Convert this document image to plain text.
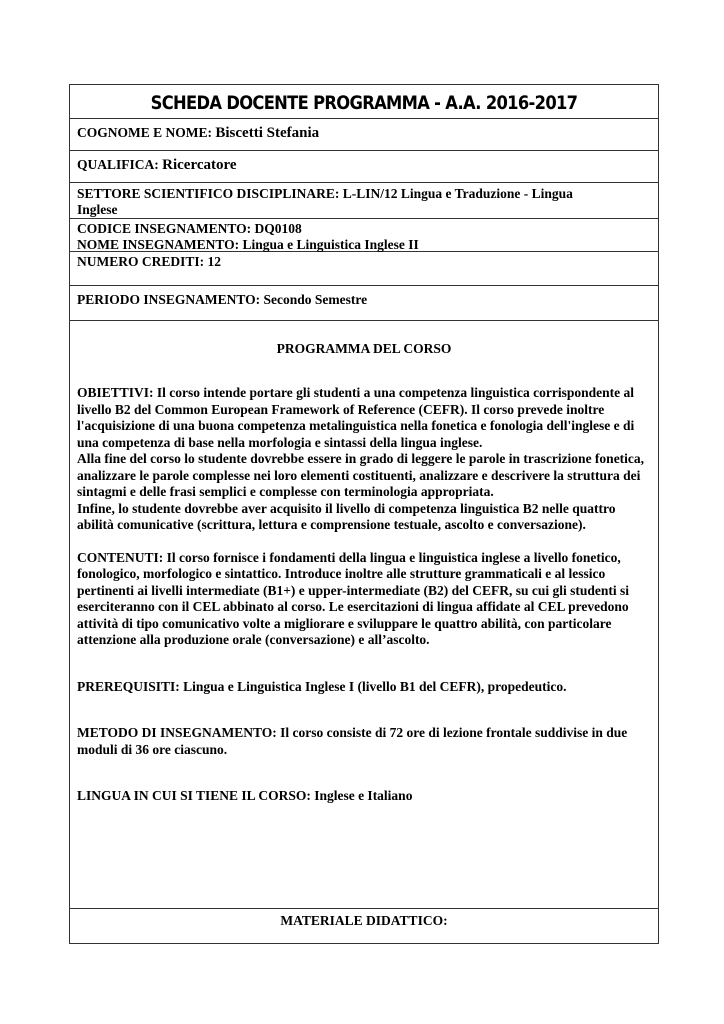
SCHEDA DOCENTE PROGRAMMA - A.A. 2016-2017
COGNOME E NOME: Biscetti Stefania
QUALIFICA: Ricercatore
SETTORE SCIENTIFICO DISCIPLINARE: L-LIN/12 Lingua e Traduzione - Lingua
Inglese
CODICE INSEGNAMENTO: DQ0108
NOME INSEGNAMENTO: Lingua e Linguistica Inglese II
NUMERO CREDITI: 12
PERIODO INSEGNAMENTO: Secondo Semestre
PROGRAMMA DEL CORSO

OBIETTIVI: Il corso intende portare gli studenti a una competenza linguistica corrispondente al livello B2 del Common European Framework of Reference (CEFR). Il corso prevede inoltre l'acquisizione di una buona competenza metalinguistica nella fonetica e fonologia dell'inglese e di una competenza di base nella morfologia e sintassi della lingua inglese.

Alla fine del corso lo studente dovrebbe essere in grado di leggere le parole in trascrizione fonetica, analizzare le parole complesse nei loro elementi costituenti, analizzare e descrivere la struttura dei sintagmi e delle frasi semplici e complesse con terminologia appropriata.

Infine, lo studente dovrebbe aver acquisito il livello di competenza linguistica B2 nelle quattro abilità comunicative (scrittura, lettura e comprensione testuale, ascolto e conversazione).

CONTENUTI: Il corso fornisce i fondamenti della lingua e linguistica inglese a livello fonetico, fonologico, morfologico e sintattico. Introduce inoltre alle strutture grammaticali e al lessico pertinenti ai livelli intermediate (B1+) e upper-intermediate (B2) del CEFR, su cui gli studenti si eserciteranno con il CEL abbinato al corso. Le esercitazioni di lingua affidate al CEL prevedono attività di tipo comunicativo volte a migliorare e sviluppare le quattro abilità, con particolare attenzione alla produzione orale (conversazione) e all’ascolto.

PREREQUISITI: Lingua e Linguistica Inglese I (livello B1 del CEFR), propedeutico.

METODO DI INSEGNAMENTO: Il corso consiste di 72 ore di lezione frontale suddivise in due moduli di 36 ore ciascuno.

LINGUA IN CUI SI TIENE IL CORSO: Inglese e Italiano

MATERIALE DIDATTICO:
